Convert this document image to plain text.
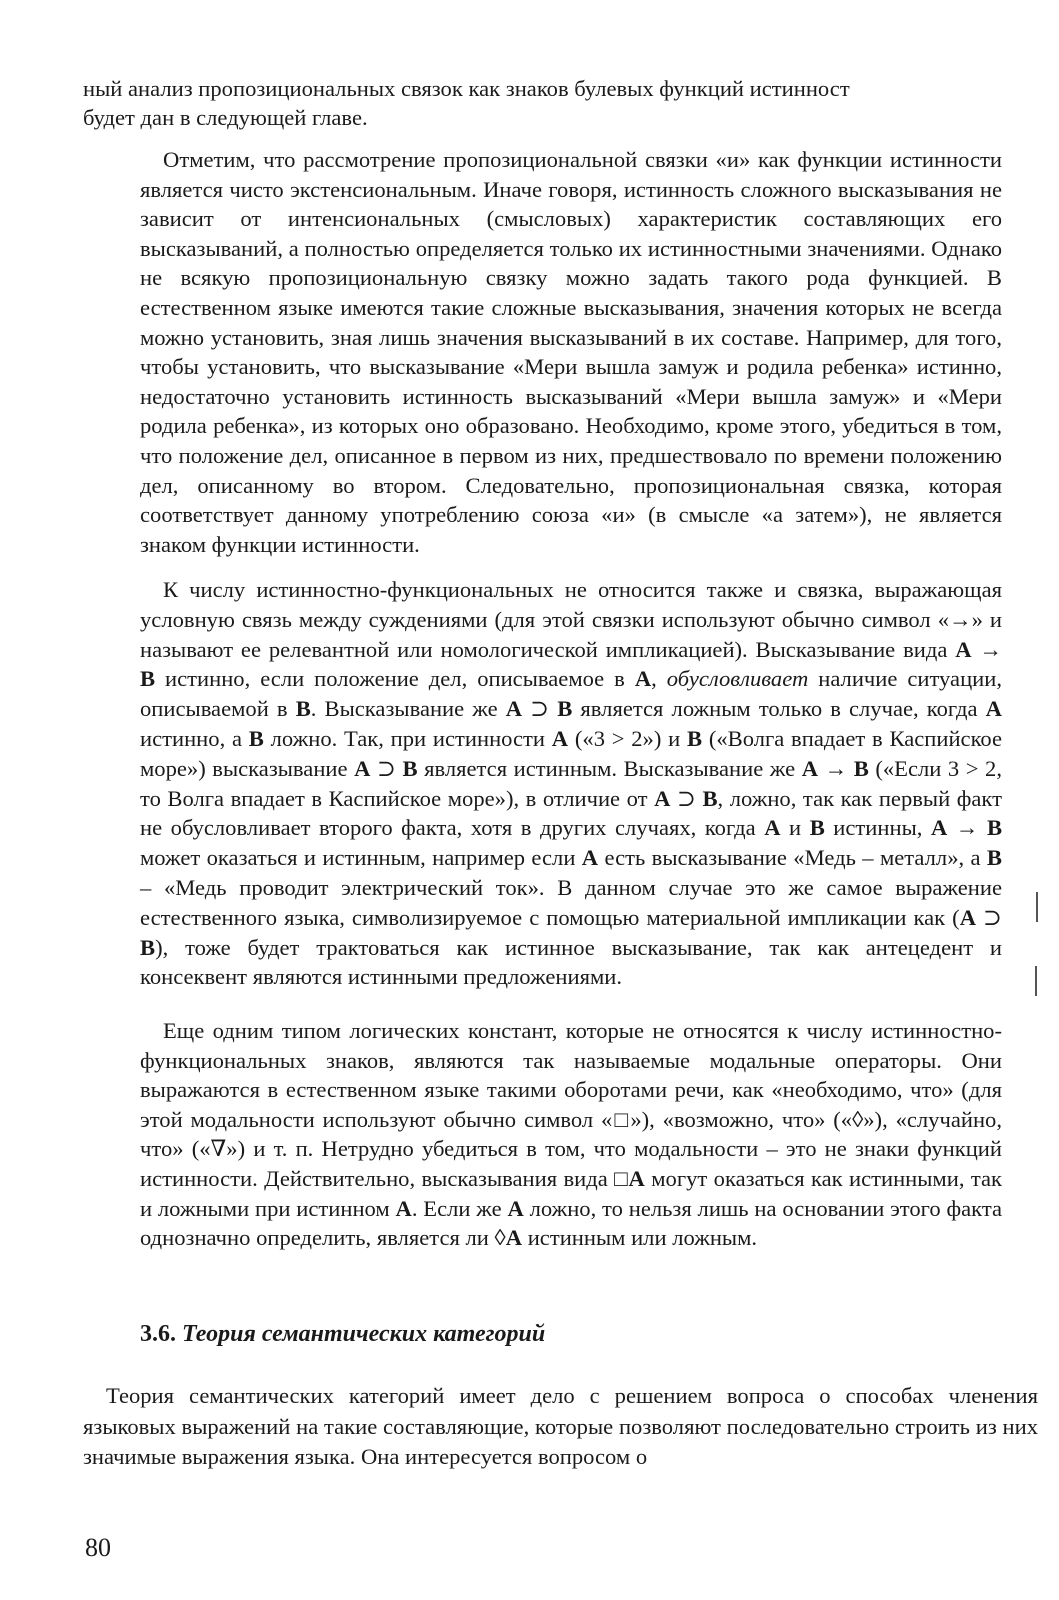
ный анализ пропозициональных связок как знаков булевых функций истинност
будет дан в следующей главе.

Отметим, что рассмотрение пропозициональной связки «и» как функции истинности является чисто экстенсиональным. Иначе говоря, истинность сложного высказывания не зависит от интенсиональных (смысловых) характеристик составляющих его высказываний, а полностью определяется только их истинностными значениями. Однако не всякую пропозициональную связку можно задать такого рода функцией. В естественном языке имеются такие сложные высказывания, значения которых не всегда можно установить, зная лишь значения высказываний в их составе. Например, для того, чтобы установить, что высказывание «Мери вышла замуж и родила ребенка» истинно, недостаточно установить истинность высказываний «Мери вышла замуж» и «Мери родила ребенка», из которых оно образовано. Необходимо, кроме этого, убедиться в том, что положение дел, описанное в первом из них, предшествовало по времени положению дел, описанному во втором. Следовательно, пропозициональная связка, которая соответствует данному употреблению союза «и» (в смысле «а затем»), не является знаком функции истинности.

К числу истинностно-функциональных не относится также и связка, выражающая условную связь между суждениями (для этой связки используют обычно символ «→» и называют ее релевантной или номологической импликацией). Высказывание вида A → B истинно, если положение дел, описываемое в A, обусловливает наличие ситуации, описываемой в B. Высказывание же A ⊃ B является ложным только в случае, когда A истинно, а B ложно. Так, при истинности A («3 > 2») и B («Волга впадает в Каспийское море») высказывание A ⊃ B является истинным. Высказывание же A → B («Если 3 > 2, то Волга впадает в Каспийское море»), в отличие от A ⊃ B, ложно, так как первый факт не обусловливает второго факта, хотя в других случаях, когда A и B истинны, A → B может оказаться и истинным, например если A есть высказывание «Медь – металл», а B – «Медь проводит электрический ток». В данном случае это же самое выражение естественного языка, символизируемое с помощью материальной импликации как (A ⊃ B), тоже будет трактоваться как истинное высказывание, так как антецедент и консеквент являются истинными предложениями.

Еще одним типом логических констант, которые не относятся к числу истинностно-функциональных знаков, являются так называемые модальные операторы. Они выражаются в естественном языке такими оборотами речи, как «необходимо, что» (для этой модальности используют обычно символ «□»), «возможно, что» («◊»), «случайно, что» («∇») и т. п. Нетрудно убедиться в том, что модальности – это не знаки функций истинности. Действительно, высказывания вида □A могут оказаться как истинными, так и ложными при истинном A. Если же A ложно, то нельзя лишь на основании этого факта однозначно определить, является ли ◊A истинным или ложным.

3.6. Теория семантических категорий

Теория семантических категорий имеет дело с решением вопроса о способах членения языковых выражений на такие составляющие, которые позволяют последовательно строить из них значимые выражения языка. Она интересуется вопросом о

80
